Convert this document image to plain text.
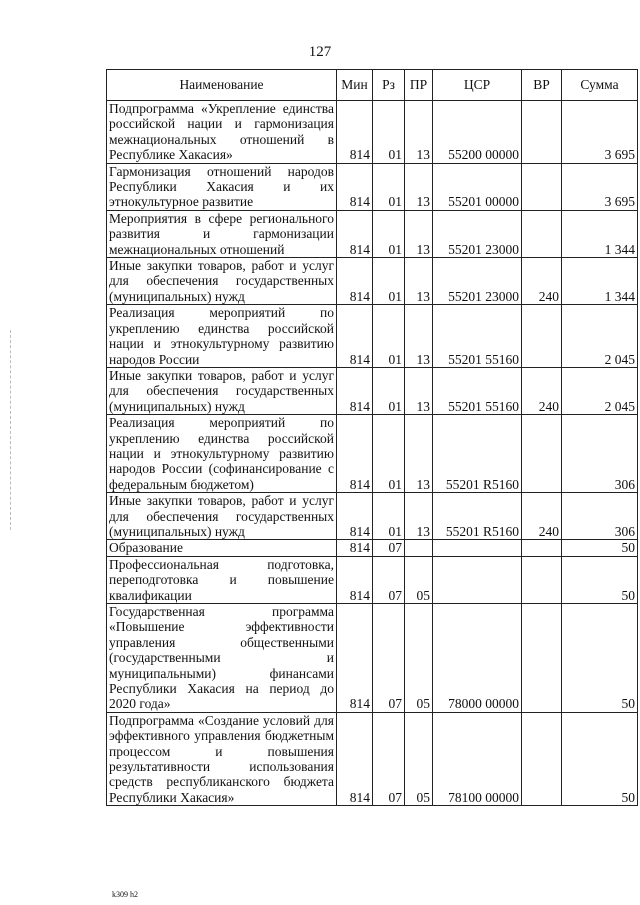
127
Наименование	Мин	Рз	ПР	ЦСР	ВР	Сумма
Подпрограмма «Укрепление единства российской нации и гармонизация межнациональных отношений в Республике Хакасия»	814	01	13	55200 00000		3 695
Гармонизация отношений народов Республики Хакасия и их этнокультурное развитие	814	01	13	55201 00000		3 695
Мероприятия в сфере регионального развития и гармонизации межнациональных отношений	814	01	13	55201 23000		1 344
Иные закупки товаров, работ и услуг для обеспечения государственных (муниципальных) нужд	814	01	13	55201 23000	240	1 344
Реализация мероприятий по укреплению единства российской нации и этнокультурному развитию народов России	814	01	13	55201 55160		2 045
Иные закупки товаров, работ и услуг для обеспечения государственных (муниципальных) нужд	814	01	13	55201 55160	240	2 045
Реализация мероприятий по укреплению единства российской нации и этнокультурному развитию народов России (софинансирование с федеральным бюджетом)	814	01	13	55201 R5160		306
Иные закупки товаров, работ и услуг для обеспечения государственных (муниципальных) нужд	814	01	13	55201 R5160	240	306
Образование	814	07				50
Профессиональная подготовка, переподготовка и повышение квалификации	814	07	05			50
Государственная программа «Повышение эффективности управления общественными (государственными и муниципальными) финансами Республики Хакасия на период до 2020 года»	814	07	05	78000 00000		50
Подпрограмма «Создание условий для эффективного управления бюджетным процессом и повышения результативности использования средств республиканского бюджета Республики Хакасия»	814	07	05	78100 00000		50
k309 h2
